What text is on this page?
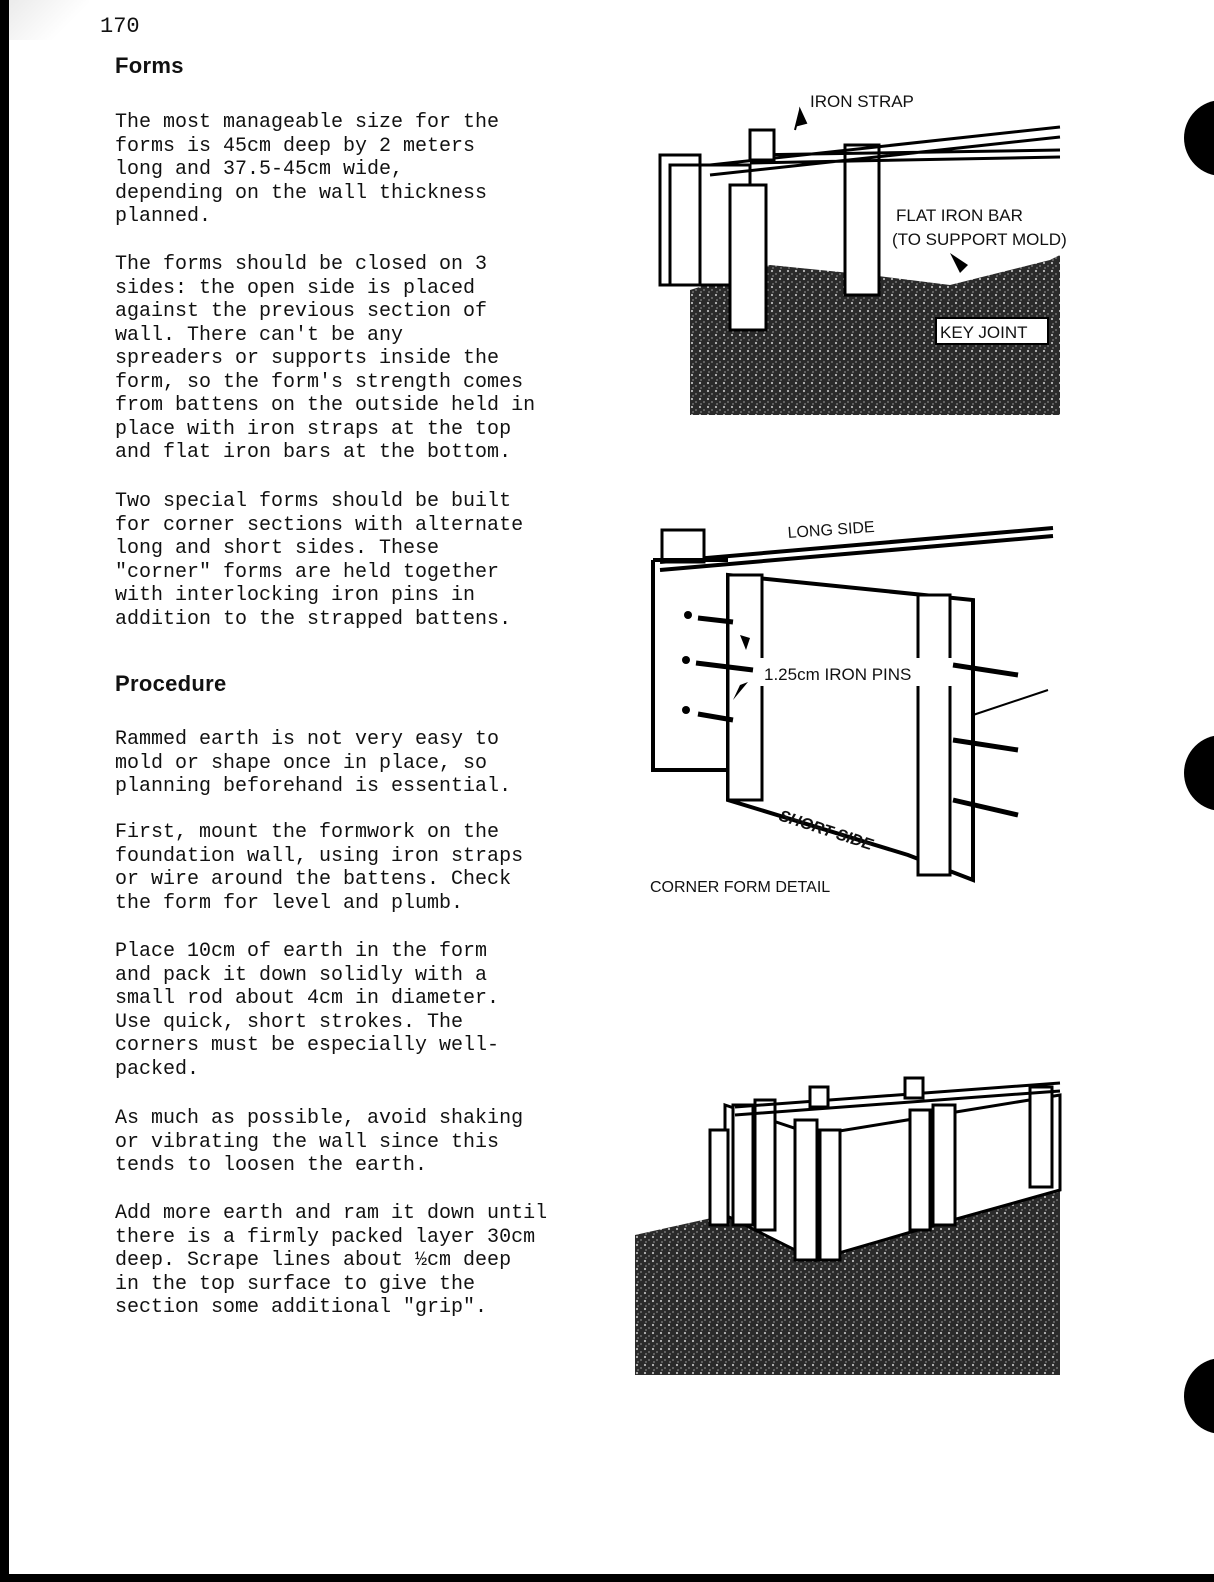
170
Forms

The most manageable size for the
forms is 45cm deep by 2 meters
long and 37.5-45cm wide,
depending on the wall thickness
planned.

The forms should be closed on 3
sides: the open side is placed
against the previous section of
wall. There can't be any
spreaders or supports inside the
form, so the form's strength comes
from battens on the outside held in
place with iron straps at the top
and flat iron bars at the bottom.

Two special forms should be built
for corner sections with alternate
long and short sides. These
"corner" forms are held together
with interlocking iron pins in
addition to the strapped battens.

Procedure

Rammed earth is not very easy to
mold or shape once in place, so
planning beforehand is essential.

First, mount the formwork on the
foundation wall, using iron straps
or wire around the battens. Check
the form for level and plumb.

Place 10cm of earth in the form
and pack it down solidly with a
small rod about 4cm in diameter.
Use quick, short strokes. The
corners must be especially well-
packed.

As much as possible, avoid shaking
or vibrating the wall since this
tends to loosen the earth.

Add more earth and ram it down until
there is a firmly packed layer 30cm
deep. Scrape lines about ½cm deep
in the top surface to give the
section some additional "grip".

IRON STRAP
FLAT IRON BAR
(TO SUPPORT MOLD)
KEY JOINT
LONG SIDE
1.25cm IRON PINS
SHORT SIDE
CORNER FORM DETAIL
